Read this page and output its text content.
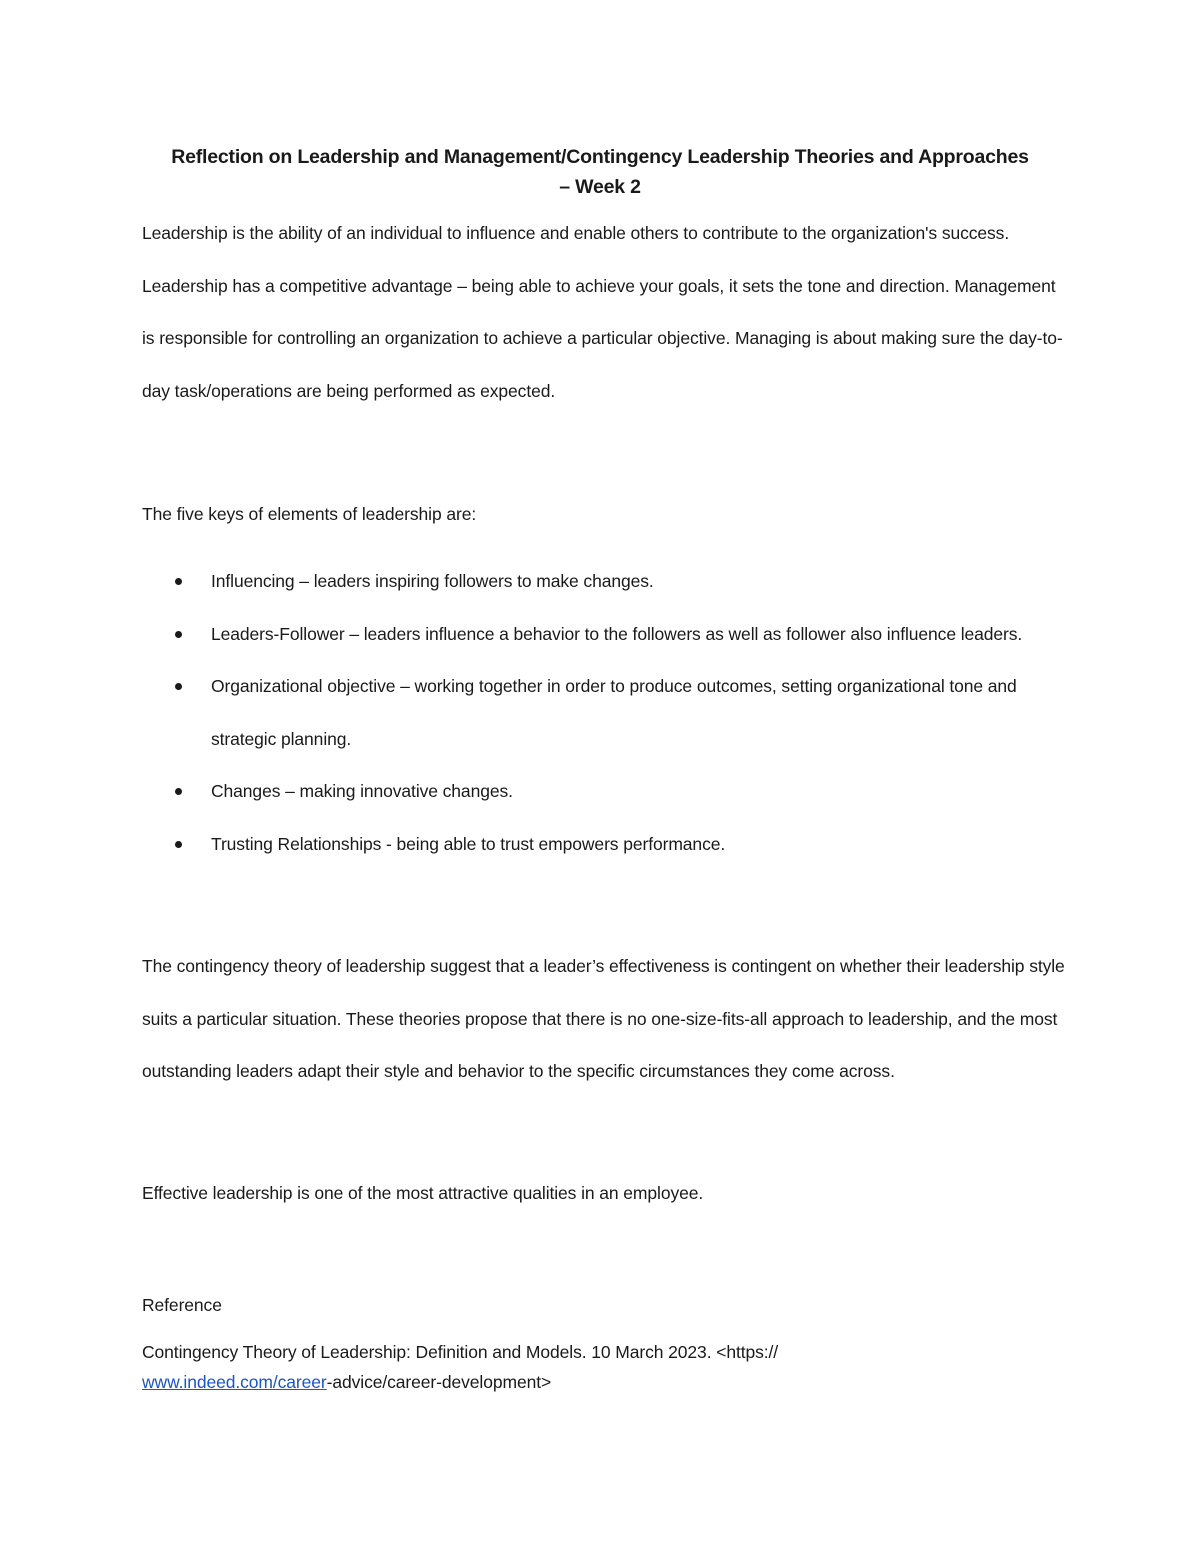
Reflection on Leadership and Management/Contingency Leadership Theories and Approaches
– Week 2
Leadership is the ability of an individual to influence and enable others to contribute to the organization's success. Leadership has a competitive advantage – being able to achieve your goals, it sets the tone and direction. Management is responsible for controlling an organization to achieve a particular objective. Managing is about making sure the day-to-day task/operations are being performed as expected.
The five keys of elements of leadership are:
Influencing – leaders inspiring followers to make changes.
Leaders-Follower – leaders influence a behavior to the followers as well as follower also influence leaders.
Organizational objective – working together in order to produce outcomes, setting organizational tone and strategic planning.
Changes – making innovative changes.
Trusting Relationships - being able to trust empowers performance.
The contingency theory of leadership suggest that a leader’s effectiveness is contingent on whether their leadership style suits a particular situation. These theories propose that there is no one-size-fits-all approach to leadership, and the most outstanding leaders adapt their style and behavior to the specific circumstances they come across.
Effective leadership is one of the most attractive qualities in an employee.
Reference
Contingency Theory of Leadership: Definition and Models. 10 March 2023. <https://
www.indeed.com/career-advice/career-development>
